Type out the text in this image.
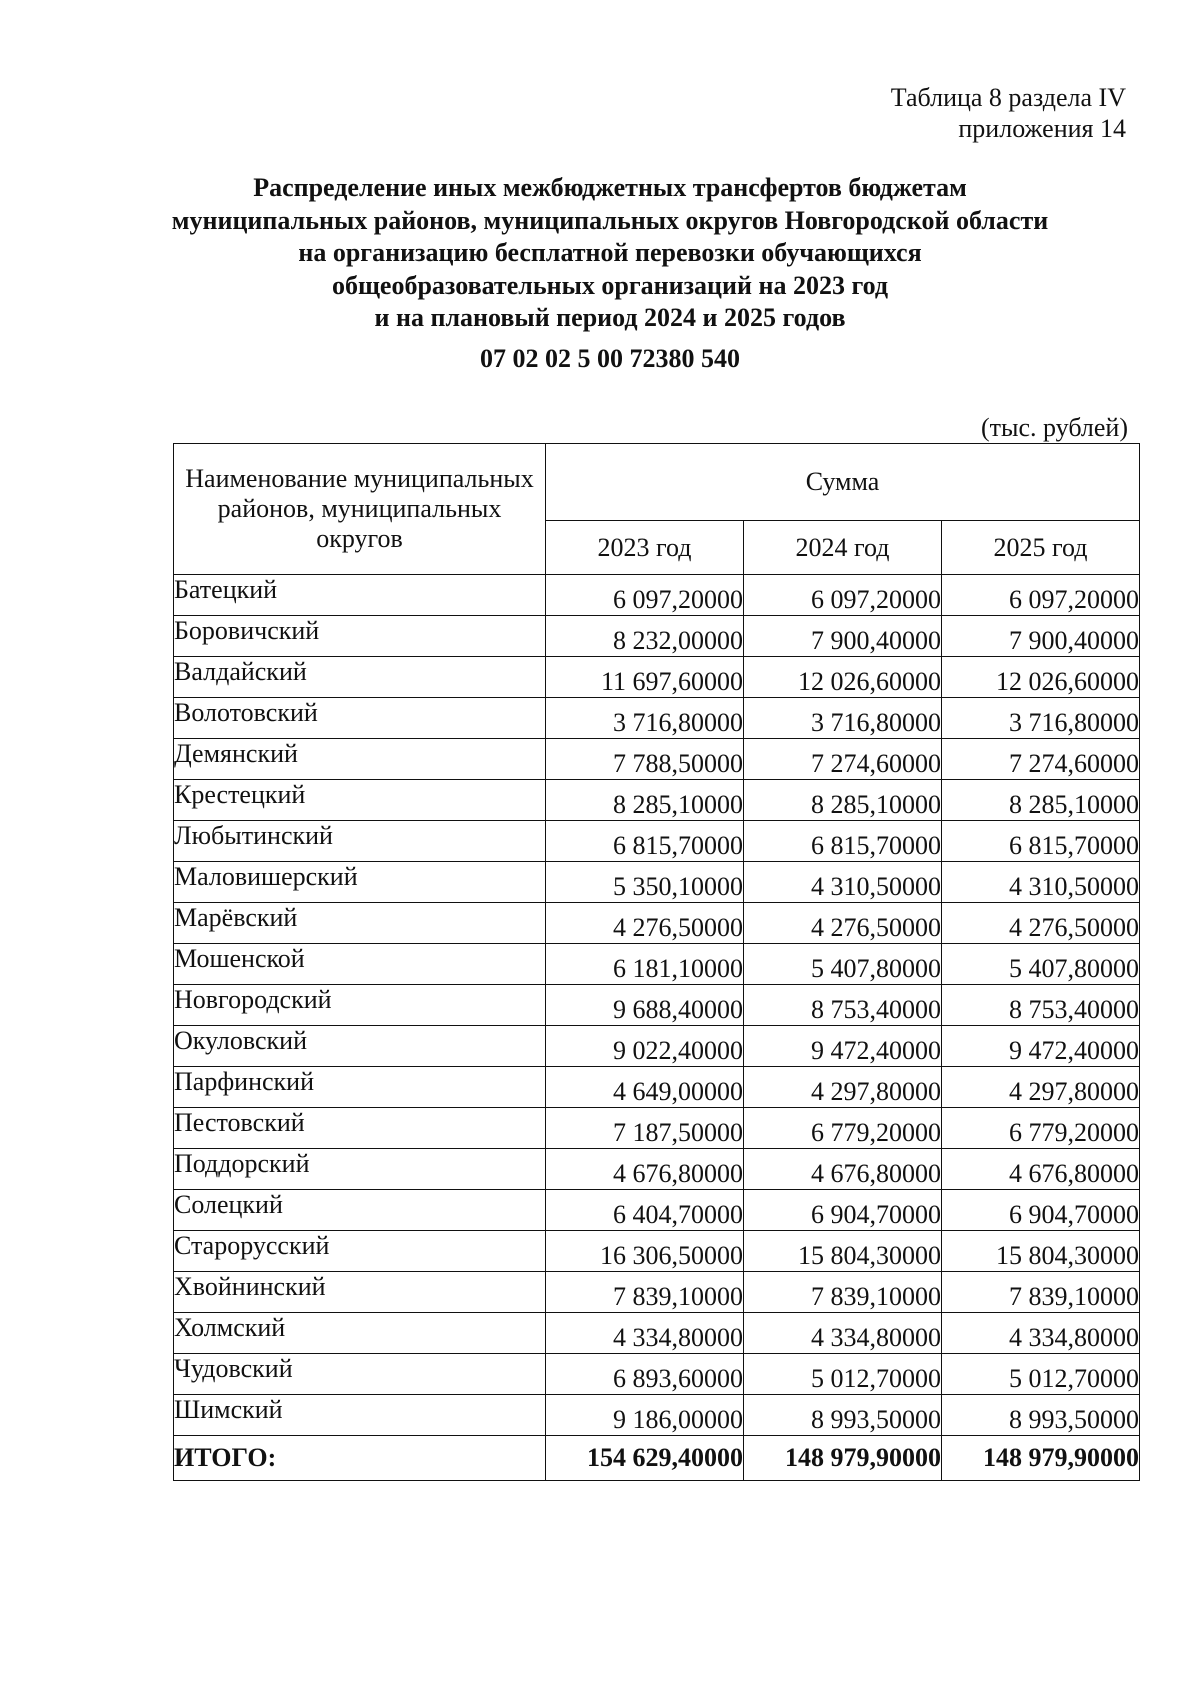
Таблица 8 раздела IV
приложения 14
Распределение иных межбюджетных трансфертов бюджетам
муниципальных районов, муниципальных округов Новгородской области
на организацию бесплатной перевозки обучающихся
общеобразовательных организаций на 2023 год
и на плановый период 2024 и 2025 годов
07 02 02 5 00 72380 540
(тыс. рублей)
Наименование муниципальных районов, муниципальных округов	Сумма		
	2023 год	2024 год	2025 год
Батецкий	6 097,20000	6 097,20000	6 097,20000
Боровичский	8 232,00000	7 900,40000	7 900,40000
Валдайский	11 697,60000	12 026,60000	12 026,60000
Волотовский	3 716,80000	3 716,80000	3 716,80000
Демянский	7 788,50000	7 274,60000	7 274,60000
Крестецкий	8 285,10000	8 285,10000	8 285,10000
Любытинский	6 815,70000	6 815,70000	6 815,70000
Маловишерский	5 350,10000	4 310,50000	4 310,50000
Марёвский	4 276,50000	4 276,50000	4 276,50000
Мошенской	6 181,10000	5 407,80000	5 407,80000
Новгородский	9 688,40000	8 753,40000	8 753,40000
Окуловский	9 022,40000	9 472,40000	9 472,40000
Парфинский	4 649,00000	4 297,80000	4 297,80000
Пестовский	7 187,50000	6 779,20000	6 779,20000
Поддорский	4 676,80000	4 676,80000	4 676,80000
Солецкий	6 404,70000	6 904,70000	6 904,70000
Старорусский	16 306,50000	15 804,30000	15 804,30000
Хвойнинский	7 839,10000	7 839,10000	7 839,10000
Холмский	4 334,80000	4 334,80000	4 334,80000
Чудовский	6 893,60000	5 012,70000	5 012,70000
Шимский	9 186,00000	8 993,50000	8 993,50000
ИТОГО:	154 629,40000	148 979,90000	148 979,90000
